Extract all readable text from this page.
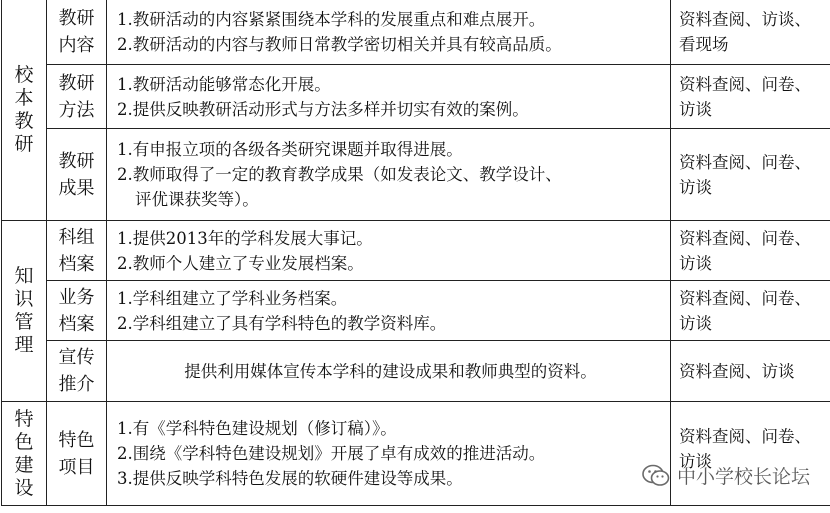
校本教研	教研内容	1.教研活动的内容紧紧围绕本学科的发展重点和难点展开。
2.教研活动的内容与教师日常教学密切相关并具有较高品质。	资料查阅、访谈、
看现场

	教研方法	1.教研活动能够常态化开展。
2.提供反映教研活动形式与方法多样并切实有效的案例。	资料查阅、问卷、
访谈

	教研成果	1.有申报立项的各级各类研究课题并取得进展。
2.教师取得了一定的教育教学成果（如发表论文、教学设计、
评优课获奖等）。	资料查阅、问卷、
访谈

知识管理	科组档案	1.提供2013年的学科发展大事记。
2.教师个人建立了专业发展档案。	资料查阅、问卷、
访谈

	业务档案	1.学科组建立了学科业务档案。
2.学科组建立了具有学科特色的教学资料库。	资料查阅、问卷、
访谈

	宣传推介	提供利用媒体宣传本学科的建设成果和教师典型的资料。	资料查阅、访谈

特色建设	特色项目	1.有《学科特色建设规划（修订稿）》。
2.围绕《学科特色建设规划》开展了卓有成效的推进活动。
3.提供反映学科特色发展的软硬件建设等成果。	资料查阅、问卷、
访谈
中小学校长论坛
